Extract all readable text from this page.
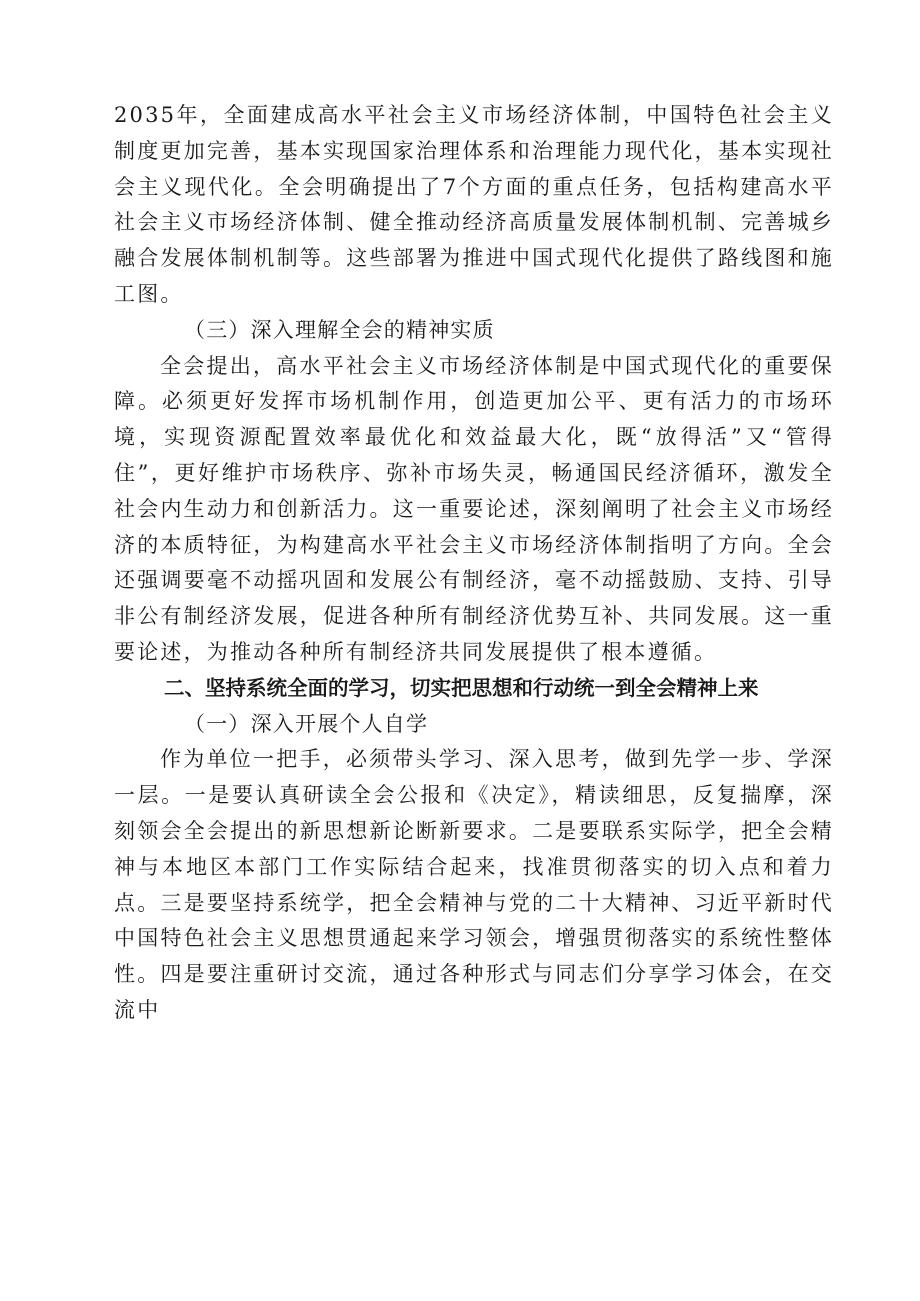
2035年，全面建成高水平社会主义市场经济体制，中国特色社会主义制度更加完善，基本实现国家治理体系和治理能力现代化，基本实现社会主义现代化。全会明确提出了7个方面的重点任务，包括构建高水平社会主义市场经济体制、健全推动经济高质量发展体制机制、完善城乡融合发展体制机制等。这些部署为推进中国式现代化提供了路线图和施工图。

（三）深入理解全会的精神实质

全会提出，高水平社会主义市场经济体制是中国式现代化的重要保障。必须更好发挥市场机制作用，创造更加公平、更有活力的市场环境，实现资源配置效率最优化和效益最大化，既“放得活”又“管得住”，更好维护市场秩序、弥补市场失灵，畅通国民经济循环，激发全社会内生动力和创新活力。这一重要论述，深刻阐明了社会主义市场经济的本质特征，为构建高水平社会主义市场经济体制指明了方向。全会还强调要毫不动摇巩固和发展公有制经济，毫不动摇鼓励、支持、引导非公有制经济发展，促进各种所有制经济优势互补、共同发展。这一重要论述，为推动各种所有制经济共同发展提供了根本遵循。

二、坚持系统全面的学习，切实把思想和行动统一到全会精神上来

（一）深入开展个人自学

作为单位一把手，必须带头学习、深入思考，做到先学一步、学深一层。一是要认真研读全会公报和《决定》，精读细思，反复揣摩，深刻领会全会提出的新思想新论断新要求。二是要联系实际学，把全会精神与本地区本部门工作实际结合起来，找准贯彻落实的切入点和着力点。三是要坚持系统学，把全会精神与党的二十大精神、习近平新时代中国特色社会主义思想贯通起来学习领会，增强贯彻落实的系统性整体性。四是要注重研讨交流，通过各种形式与同志们分享学习体会，在交流中
